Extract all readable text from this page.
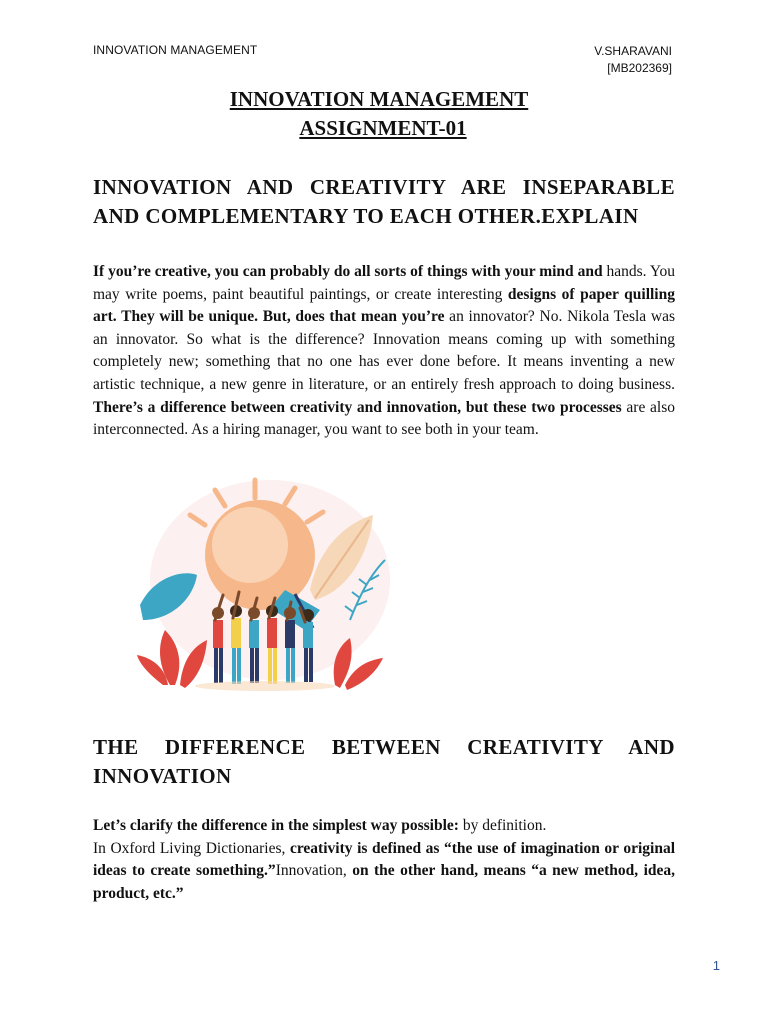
INNOVATION MANAGEMENT	V.SHARAVANI
[MB202369]
INNOVATION MANAGEMENT
ASSIGNMENT-01
INNOVATION AND CREATIVITY ARE INSEPARABLE AND COMPLEMENTARY TO EACH OTHER.EXPLAIN
If you’re creative, you can probably do all sorts of things with your mind and hands. You may write poems, paint beautiful paintings, or create interesting designs of paper quilling art. They will be unique. But, does that mean you’re an innovator? No. Nikola Tesla was an innovator. So what is the difference? Innovation means coming up with something completely new; something that no one has ever done before. It means inventing a new artistic technique, a new genre in literature, or an entirely fresh approach to doing business. There’s a difference between creativity and innovation, but these two processes are also interconnected. As a hiring manager, you want to see both in your team.
THE DIFFERENCE BETWEEN CREATIVITY AND INNOVATION
Let’s clarify the difference in the simplest way possible: by definition.
In Oxford Living Dictionaries, creativity is defined as “the use of imagination or original ideas to create something.”Innovation, on the other hand, means “a new method, idea, product, etc.”
1
